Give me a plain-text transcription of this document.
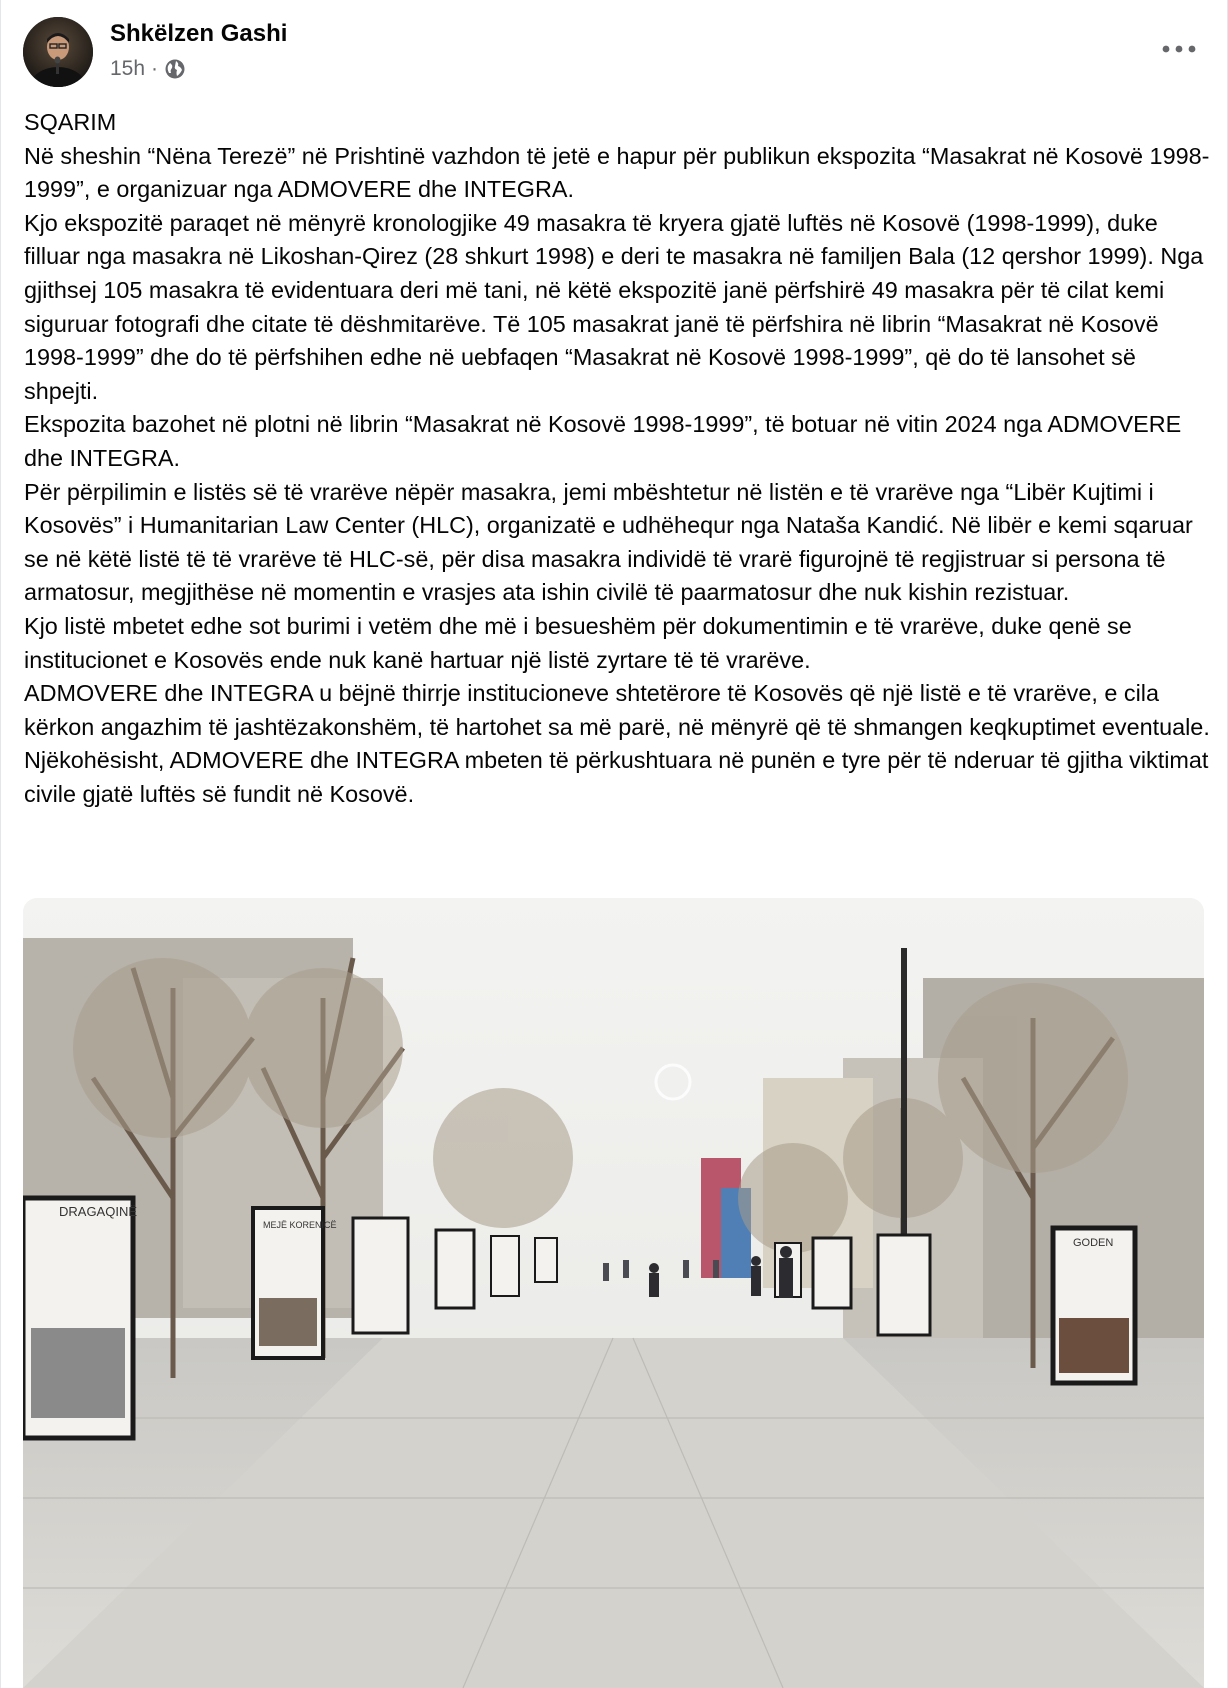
Shkëlzen Gashi
15h ·

SQARIM

Në sheshin “Nëna Terezë” në Prishtinë vazhdon të jetë e hapur për publikun ekspozita “Masakrat në Kosovë 1998-1999”, e organizuar nga ADMOVERE dhe INTEGRA.

Kjo ekspozitë paraqet në mënyrë kronologjike 49 masakra të kryera gjatë luftës në Kosovë (1998-1999), duke filluar nga masakra në Likoshan-Qirez (28 shkurt 1998) e deri te masakra në familjen Bala (12 qershor 1999). Nga gjithsej 105 masakra të evidentuara deri më tani, në këtë ekspozitë janë përfshirë 49 masakra për të cilat kemi siguruar fotografi dhe citate të dëshmitarëve. Të 105 masakrat janë të përfshira në librin “Masakrat në Kosovë 1998-1999” dhe do të përfshihen edhe në uebfaqen “Masakrat në Kosovë 1998-1999”, që do të lansohet së shpejti.

Ekspozita bazohet në plotni në librin “Masakrat në Kosovë 1998-1999”, të botuar në vitin 2024 nga ADMOVERE dhe INTEGRA.

Për përpilimin e listës së të vrarëve nëpër masakra, jemi mbështetur në listën e të vrarëve nga “Libër Kujtimi i Kosovës” i Humanitarian Law Center (HLC), organizatë e udhëhequr nga Nataša Kandić. Në libër e kemi sqaruar se në këtë listë të të vrarëve të HLC-së, për disa masakra individë të vrarë figurojnë të regjistruar si persona të armatosur, megjithëse në momentin e vrasjes ata ishin civilë të paarmatosur dhe nuk kishin rezistuar.

Kjo listë mbetet edhe sot burimi i vetëm dhe më i besueshëm për dokumentimin e të vrarëve, duke qenë se institucionet e Kosovës ende nuk kanë hartuar një listë zyrtare të të vrarëve.

ADMOVERE dhe INTEGRA u bëjnë thirrje institucioneve shtetërore të Kosovës që një listë e të vrarëve, e cila kërkon angazhim të jashtëzakonshëm, të hartohet sa më parë, në mënyrë që të shmangen keqkuptimet eventuale.

Njëkohësisht, ADMOVERE dhe INTEGRA mbeten të përkushtuara në punën e tyre për të nderuar të gjitha viktimat civile gjatë luftës së fundit në Kosovë.

DRAGAQINË
MEJË KORENICË
GODEN
